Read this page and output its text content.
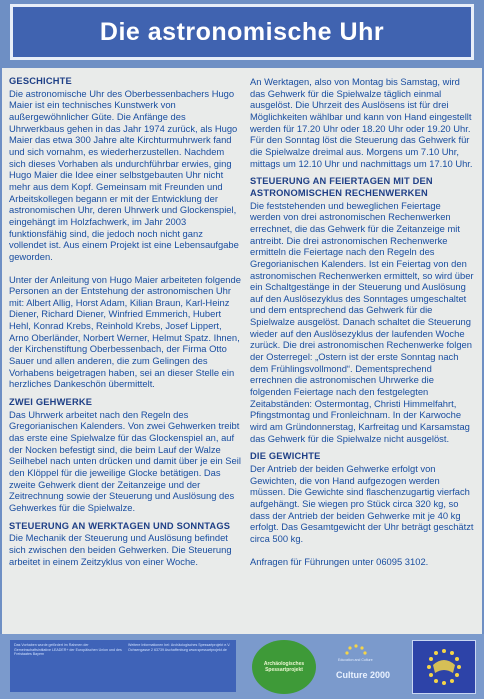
Die astronomische Uhr
GESCHICHTE

Die astronomische Uhr des Oberbessenbachers Hugo Maier ist ein technisches Kunstwerk von außergewöhnlicher Güte. Die Anfänge des Uhrwerkbaus gehen in das Jahr 1974 zurück, als Hugo Maier das etwa 300 Jahre alte Kirchturmuhrwerk fand und sich vornahm, es wiederherzustellen. Nachdem sich dieses Vorhaben als undurchführbar erwies, ging Hugo Maier die Idee einer selbstgebauten Uhr nicht mehr aus dem Kopf. Gemeinsam mit Freunden und Arbeitskollegen begann er mit der Entwicklung der astronomischen Uhr, deren Uhrwerk und Glockenspiel, eingehängt im Holzfachwerk, im Jahr 2003 funktionsfähig sind, die jedoch noch nicht ganz vollendet ist. Aus einem Projekt ist eine Lebensaufgabe geworden.

Unter der Anleitung von Hugo Maier arbeiteten folgende Personen an der Entstehung der astronomischen Uhr mit: Albert Allig, Horst Adam, Kilian Braun, Karl-Heinz Diener, Richard Diener, Winfried Emmerich, Hubert Hehl, Konrad Krebs, Reinhold Krebs, Josef Lippert, Arno Oberländer, Norbert Werner, Helmut Spatz. Ihnen, der Kirchenstiftung Oberbessenbach, der Firma Otto Sauer und allen anderen, die zum Gelingen des Vorhabens beigetragen haben, sei an dieser Stelle ein herzliches Dankeschön übermittelt.

ZWEI GEHWERKE

Das Uhrwerk arbeitet nach den Regeln des Gregorianischen Kalenders. Von zwei Gehwerken treibt das erste eine Spielwalze für das Glockenspiel an, auf der Nocken befestigt sind, die beim Lauf der Walze Seilhebel nach unten drücken und damit über je ein Seil den Klöppel für die jeweilige Glocke betätigen. Das zweite Gehwerk dient der Zeitanzeige und der Zeitrechnung sowie der Steuerung und Auslösung des Gehwerkes für die Spielwalze.

STEUERUNG AN WERKTAGEN UND SONNTAGS

Die Mechanik der Steuerung und Auslösung befindet sich zwischen den beiden Gehwerken. Die Steuerung arbeitet in einem Zeitzyklus von einer Woche.

An Werktagen, also von Montag bis Samstag, wird das Gehwerk für die Spielwalze täglich einmal ausgelöst. Die Uhrzeit des Auslösens ist für drei Möglichkeiten wählbar und kann von Hand eingestellt werden für 17.20 Uhr oder 18.20 Uhr oder 19.20 Uhr. Für den Sonntag löst die Steuerung das Gehwerk für die Spielwalze dreimal aus. Morgens um 7.10 Uhr, mittags um 12.10 Uhr und nachmittags um 17.10 Uhr.

STEUERUNG AN FEIERTAGEN MIT DEN ASTRONOMISCHEN RECHENWERKEN

Die feststehenden und beweglichen Feiertage werden von drei astronomischen Rechenwerken errechnet, die das Gehwerk für die Zeitanzeige mit antreibt. Die drei astronomischen Rechenwerke ermitteln die Feiertage nach den Regeln des Gregorianischen Kalenders. Ist ein Feiertag von den astronomischen Rechenwerken ermittelt, so wird über ein Schaltgestänge in der Steuerung und Auslösung auf den Auslösezyklus des Sonntages umgeschaltet und dem entsprechend das Gehwerk für die Spielwalze ausgelöst. Danach schaltet die Steuerung wieder auf den Auslösezyklus der laufenden Woche zurück. Die drei astronomischen Rechenwerke folgen der Osterregel: „Ostern ist der erste Sonntag nach dem Frühlingsvollmond“. Dementsprechend errechnen die astronomischen Uhrwerke die folgenden Feiertage nach den festgelegten Zeitabständen: Ostermontag, Christi Himmelfahrt, Pfingstmontag und Fronleichnam. In der Karwoche wird am Gründonnerstag, Karfreitag und Karsamstag das Gehwerk für die Spielwalze nicht ausgelöst.

DIE GEWICHTE

Der Antrieb der beiden Gehwerke erfolgt von Gewichten, die von Hand aufgezogen werden müssen. Die Gewichte sind flaschenzugartig vierfach aufgehängt. Sie wiegen pro Stück circa 320 kg, so dass der Antrieb der beiden Gehwerke mit je 40 kg erfolgt. Das Gesamtgewicht der Uhr beträgt geschätzt circa 500 kg.

Anfragen für Führungen unter 06095 3102.

Das Vorhaben wurde gefördert im Rahmen der Gemeinschaftsinitiative LEADER+ der Europäischen Union und des Freistaates Bayern
Weitere Informationen bei: Archäologisches Spessartprojekt e.V. Ochsengasse 2 63739 Aschaffenburg www.spessartprojekt.de
Archäologisches Spessartprojekt
Education and Culture
Culture 2000
